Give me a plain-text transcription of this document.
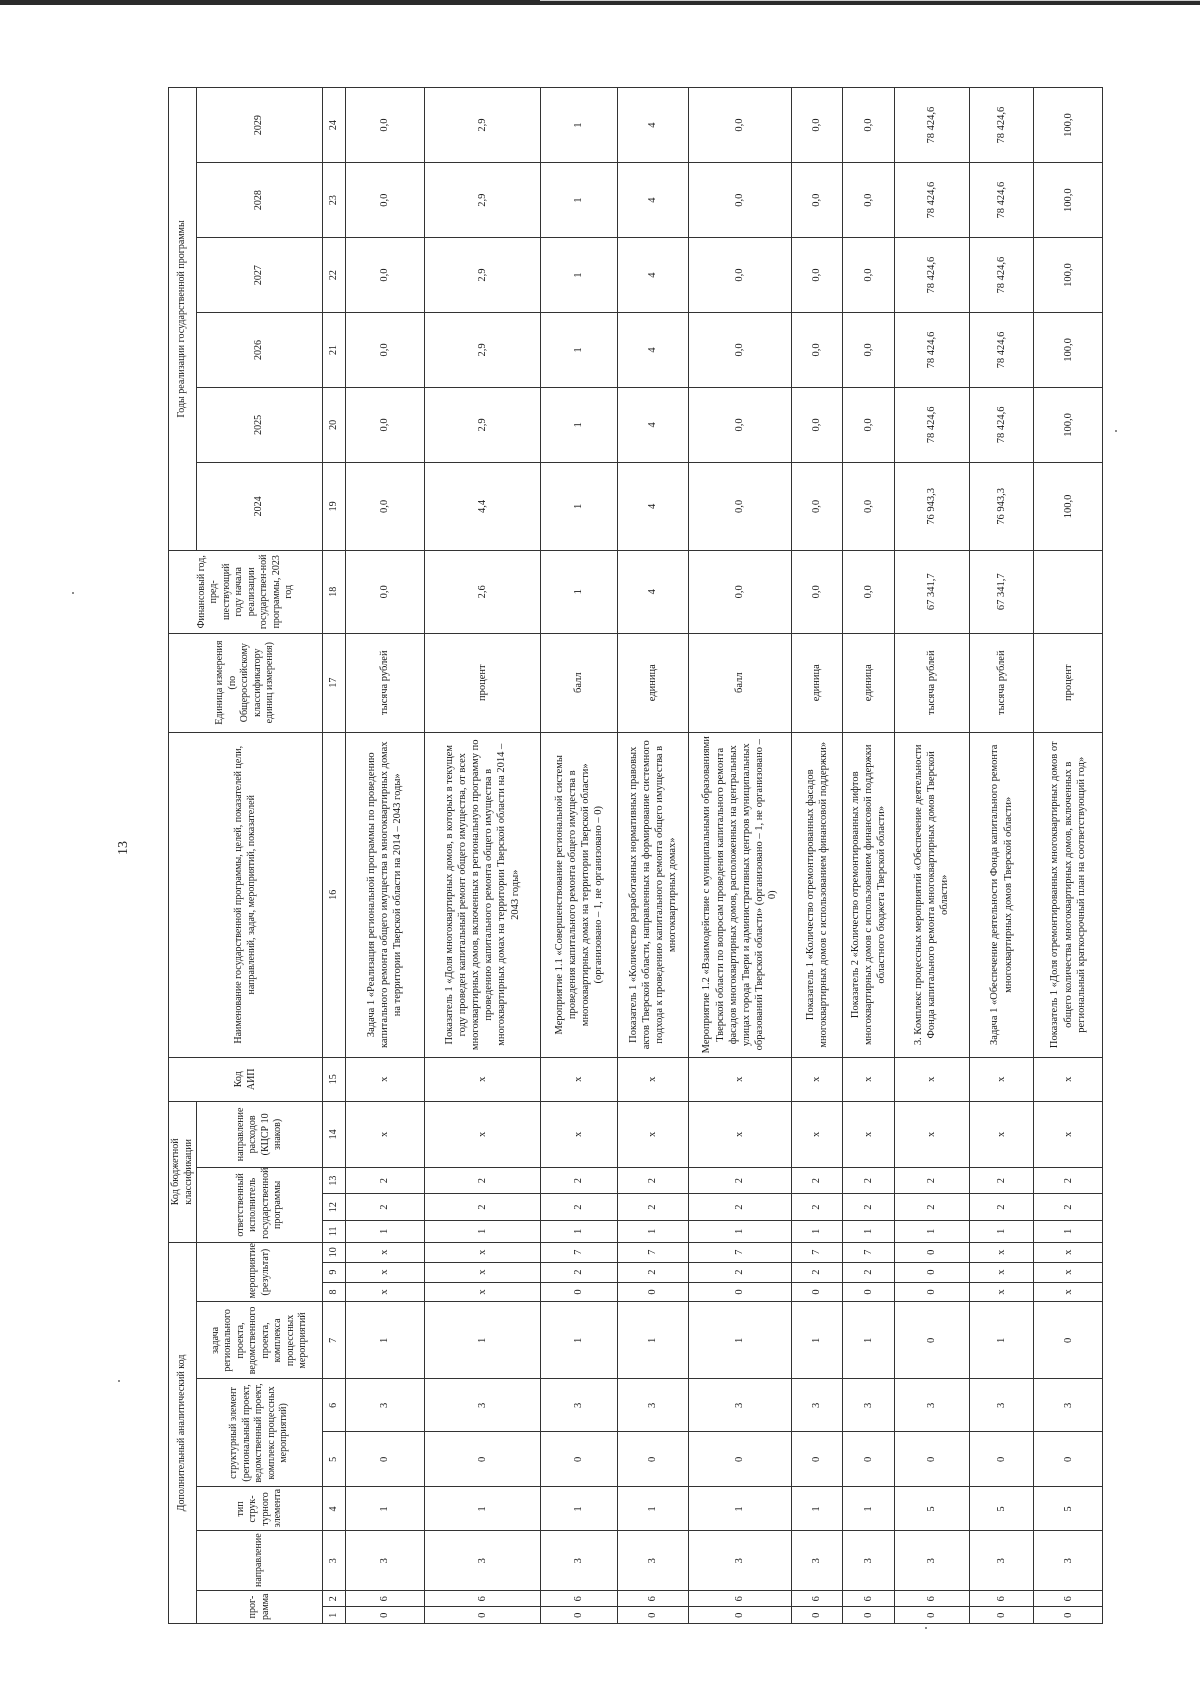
13
Дополнительный аналитический код										Код бюджетной классификации				Код АИП	Наименование государственной программы, целей, показателей цели, направлений, задач, мероприятий, показателей	Единица измерения (по Общероссийскому классификатору единиц измерения)	Финансовый год, пред-шествующий году начала реализации государствен-ной программы, 2023 год	Годы реализации государственной программы					
прог-рамма		направление	тип струк-турного элемента	структурный элемент (региональный проект, ведомственный проект, комплекс процессных мероприятий)		задача регионального проекта, ведомственного проекта, комплекса процессных мероприятий	мероприятие (результат)			ответственный исполнитель государственной программы			направление расходов (КЦСР 10 знаков)					2024	2025	2026	2027	2028	2029

1	2	3	4	5	6	7	8	9	10	11	12	13	14	15	16	17	18	19	20	21	22	23	24
0	6	3	1	0	3	1	х	х	х	1	2	2	х	х	Задача 1 «Реализация региональной программы по проведению капитального ремонта общего имущества в многоквартирных домах на территории Тверской области на 2014 – 2043 годы»	тысяча рублей	0,0	0,0	0,0	0,0	0,0	0,0	0,0
0	6	3	1	0	3	1	х	х	х	1	2	2	х	х	Показатель 1 «Доля многоквартирных домов, в которых в текущем году проведен капитальный ремонт общего имущества, от всех многоквартирных домов, включенных в региональную программу по проведению капитального ремонта общего имущества в многоквартирных домах на территории Тверской области на 2014 – 2043 годы»	процент	2,6	4,4	2,9	2,9	2,9	2,9	2,9
0	6	3	1	0	3	1	0	2	7	1	2	2	х	х	Мероприятие 1.1 «Совершенствование региональной системы проведения капитального ремонта общего имущества в многоквартирных домах на территории Тверской области» (организовано – 1, не организовано – 0)	балл	1	1	1	1	1	1	1
0	6	3	1	0	3	1	0	2	7	1	2	2	х	х	Показатель 1 «Количество разработанных нормативных правовых актов Тверской области, направленных на формирование системного подхода к проведению капитального ремонта общего имущества в многоквартирных домах»	единица	4	4	4	4	4	4	4
0	6	3	1	0	3	1	0	2	7	1	2	2	х	х	Мероприятие 1.2 «Взаимодействие с муниципальными образованиями Тверской области по вопросам проведения капитального ремонта фасадов многоквартирных домов, расположенных на центральных улицах города Твери и административных центров муниципальных образований Тверской области» (организовано – 1, не организовано – 0)	балл	0,0	0,0	0,0	0,0	0,0	0,0	0,0
0	6	3	1	0	3	1	0	2	7	1	2	2	х	х	Показатель 1 «Количество отремонтированных фасадов многоквартирных домов с использованием финансовой поддержки»	единица	0,0	0,0	0,0	0,0	0,0	0,0	0,0
0	6	3	1	0	3	1	0	2	7	1	2	2	х	х	Показатель 2 «Количество отремонтированных лифтов многоквартирных домов с использованием финансовой поддержки областного бюджета Тверской области»	единица	0,0	0,0	0,0	0,0	0,0	0,0	0,0
0	6	3	5	0	3	0	0	0	0	1	2	2	х	х	3. Комплекс процессных мероприятий «Обеспечение деятельности Фонда капитального ремонта многоквартирных домов Тверской области»	тысяча рублей	67 341,7	76 943,3	78 424,6	78 424,6	78 424,6	78 424,6	78 424,6
0	6	3	5	0	3	1	х	х	х	1	2	2	х	х	Задача 1 «Обеспечение деятельности Фонда капитального ремонта многоквартирных домов Тверской области»	тысяча рублей	67 341,7	76 943,3	78 424,6	78 424,6	78 424,6	78 424,6	78 424,6
0	6	3	5	0	3	0	х	х	х	1	2	2	х	х	Показатель 1 «Доля отремонтированных многоквартирных домов от общего количества многоквартирных домов, включенных в региональный краткосрочный план на соответствующий год»	процент		100,0	100,0	100,0	100,0	100,0	100,0
